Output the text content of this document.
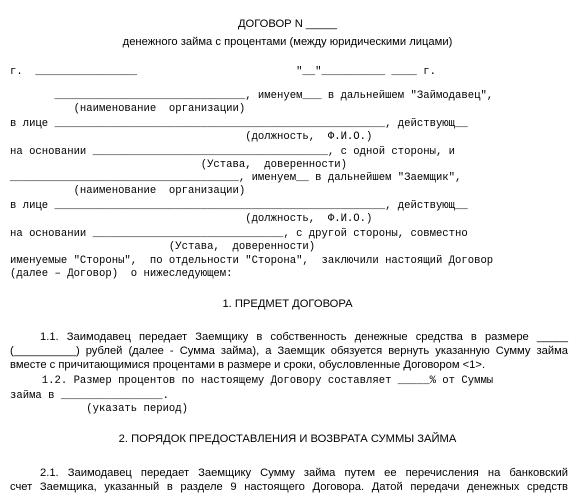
ДОГОВОР N _____
денежного займа с процентами (между юридическими лицами)
г.  ________________                         "__"__________ ____ г.
______________________________, именуем___ в дальнейшем "Займодавец",
(наименование  организации)
в лице ____________________________________________________, действующ__
(должность,  Ф.И.О.)
на основании _____________________________________, с одной стороны, и
(Устава,  доверенности)
____________________________________, именуем__ в дальнейшем "Заемщик",
(наименование  организации)
в лице ____________________________________________________, действующ__
(должность,  Ф.И.О.)
на основании ______________________________, с другой стороны, совместно
(Устава,  доверенности)
именуемые "Стороны",  по отдельности "Сторона",  заключили настоящий Договор
(далее – Договор)  о нижеследующем:
1. ПРЕДМЕТ ДОГОВОРА
1.1. Заимодавец передает Заемщику в собственность денежные средства в размере _____
(__________) рублей (далее - Сумма займа), а Заемщик обязуется вернуть указанную Сумму займа
вместе с причитающимися процентами в размере и сроки, обусловленные Договором <1>.
1.2. Размер процентов по настоящему Договору составляет _____% от Суммы
займа в ________________.
(указать период)
2. ПОРЯДОК ПРЕДОСТАВЛЕНИЯ И ВОЗВРАТА СУММЫ ЗАЙМА
2.1. Заимодавец передает Заемщику Сумму займа путем ее перечисления на банковский
счет Заемщика, указанный в разделе 9 настоящего Договора. Датой передачи денежных средств
